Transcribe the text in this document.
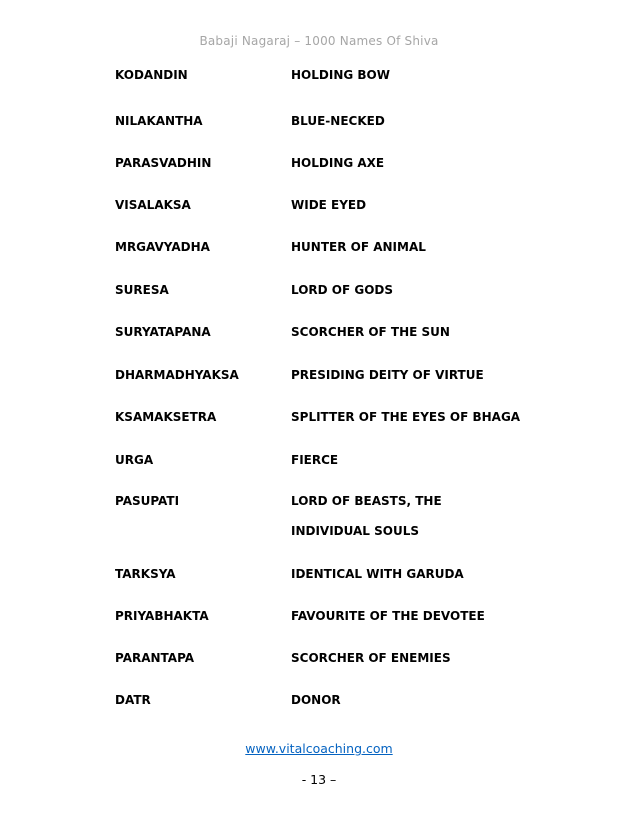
Babaji Nagaraj – 1000 Names Of Shiva
KODANDIN	HOLDING BOW
NILAKANTHA	BLUE-NECKED
PARASVADHIN	HOLDING AXE
VISALAKSA	WIDE EYED
MRGAVYADHA	HUNTER OF ANIMAL
SURESA	LORD OF GODS
SURYATAPANA	SCORCHER OF THE SUN
DHARMADHYAKSA	PRESIDING DEITY OF VIRTUE
KSAMAKSETRA	SPLITTER OF THE EYES OF BHAGA
URGA	FIERCE
PASUPATI	LORD OF BEASTS, THE
INDIVIDUAL SOULS
TARKSYA	IDENTICAL WITH GARUDA
PRIYABHAKTA	FAVOURITE OF THE DEVOTEE
PARANTAPA	SCORCHER OF ENEMIES
DATR	DONOR
www.vitalcoaching.com
- 13 –
